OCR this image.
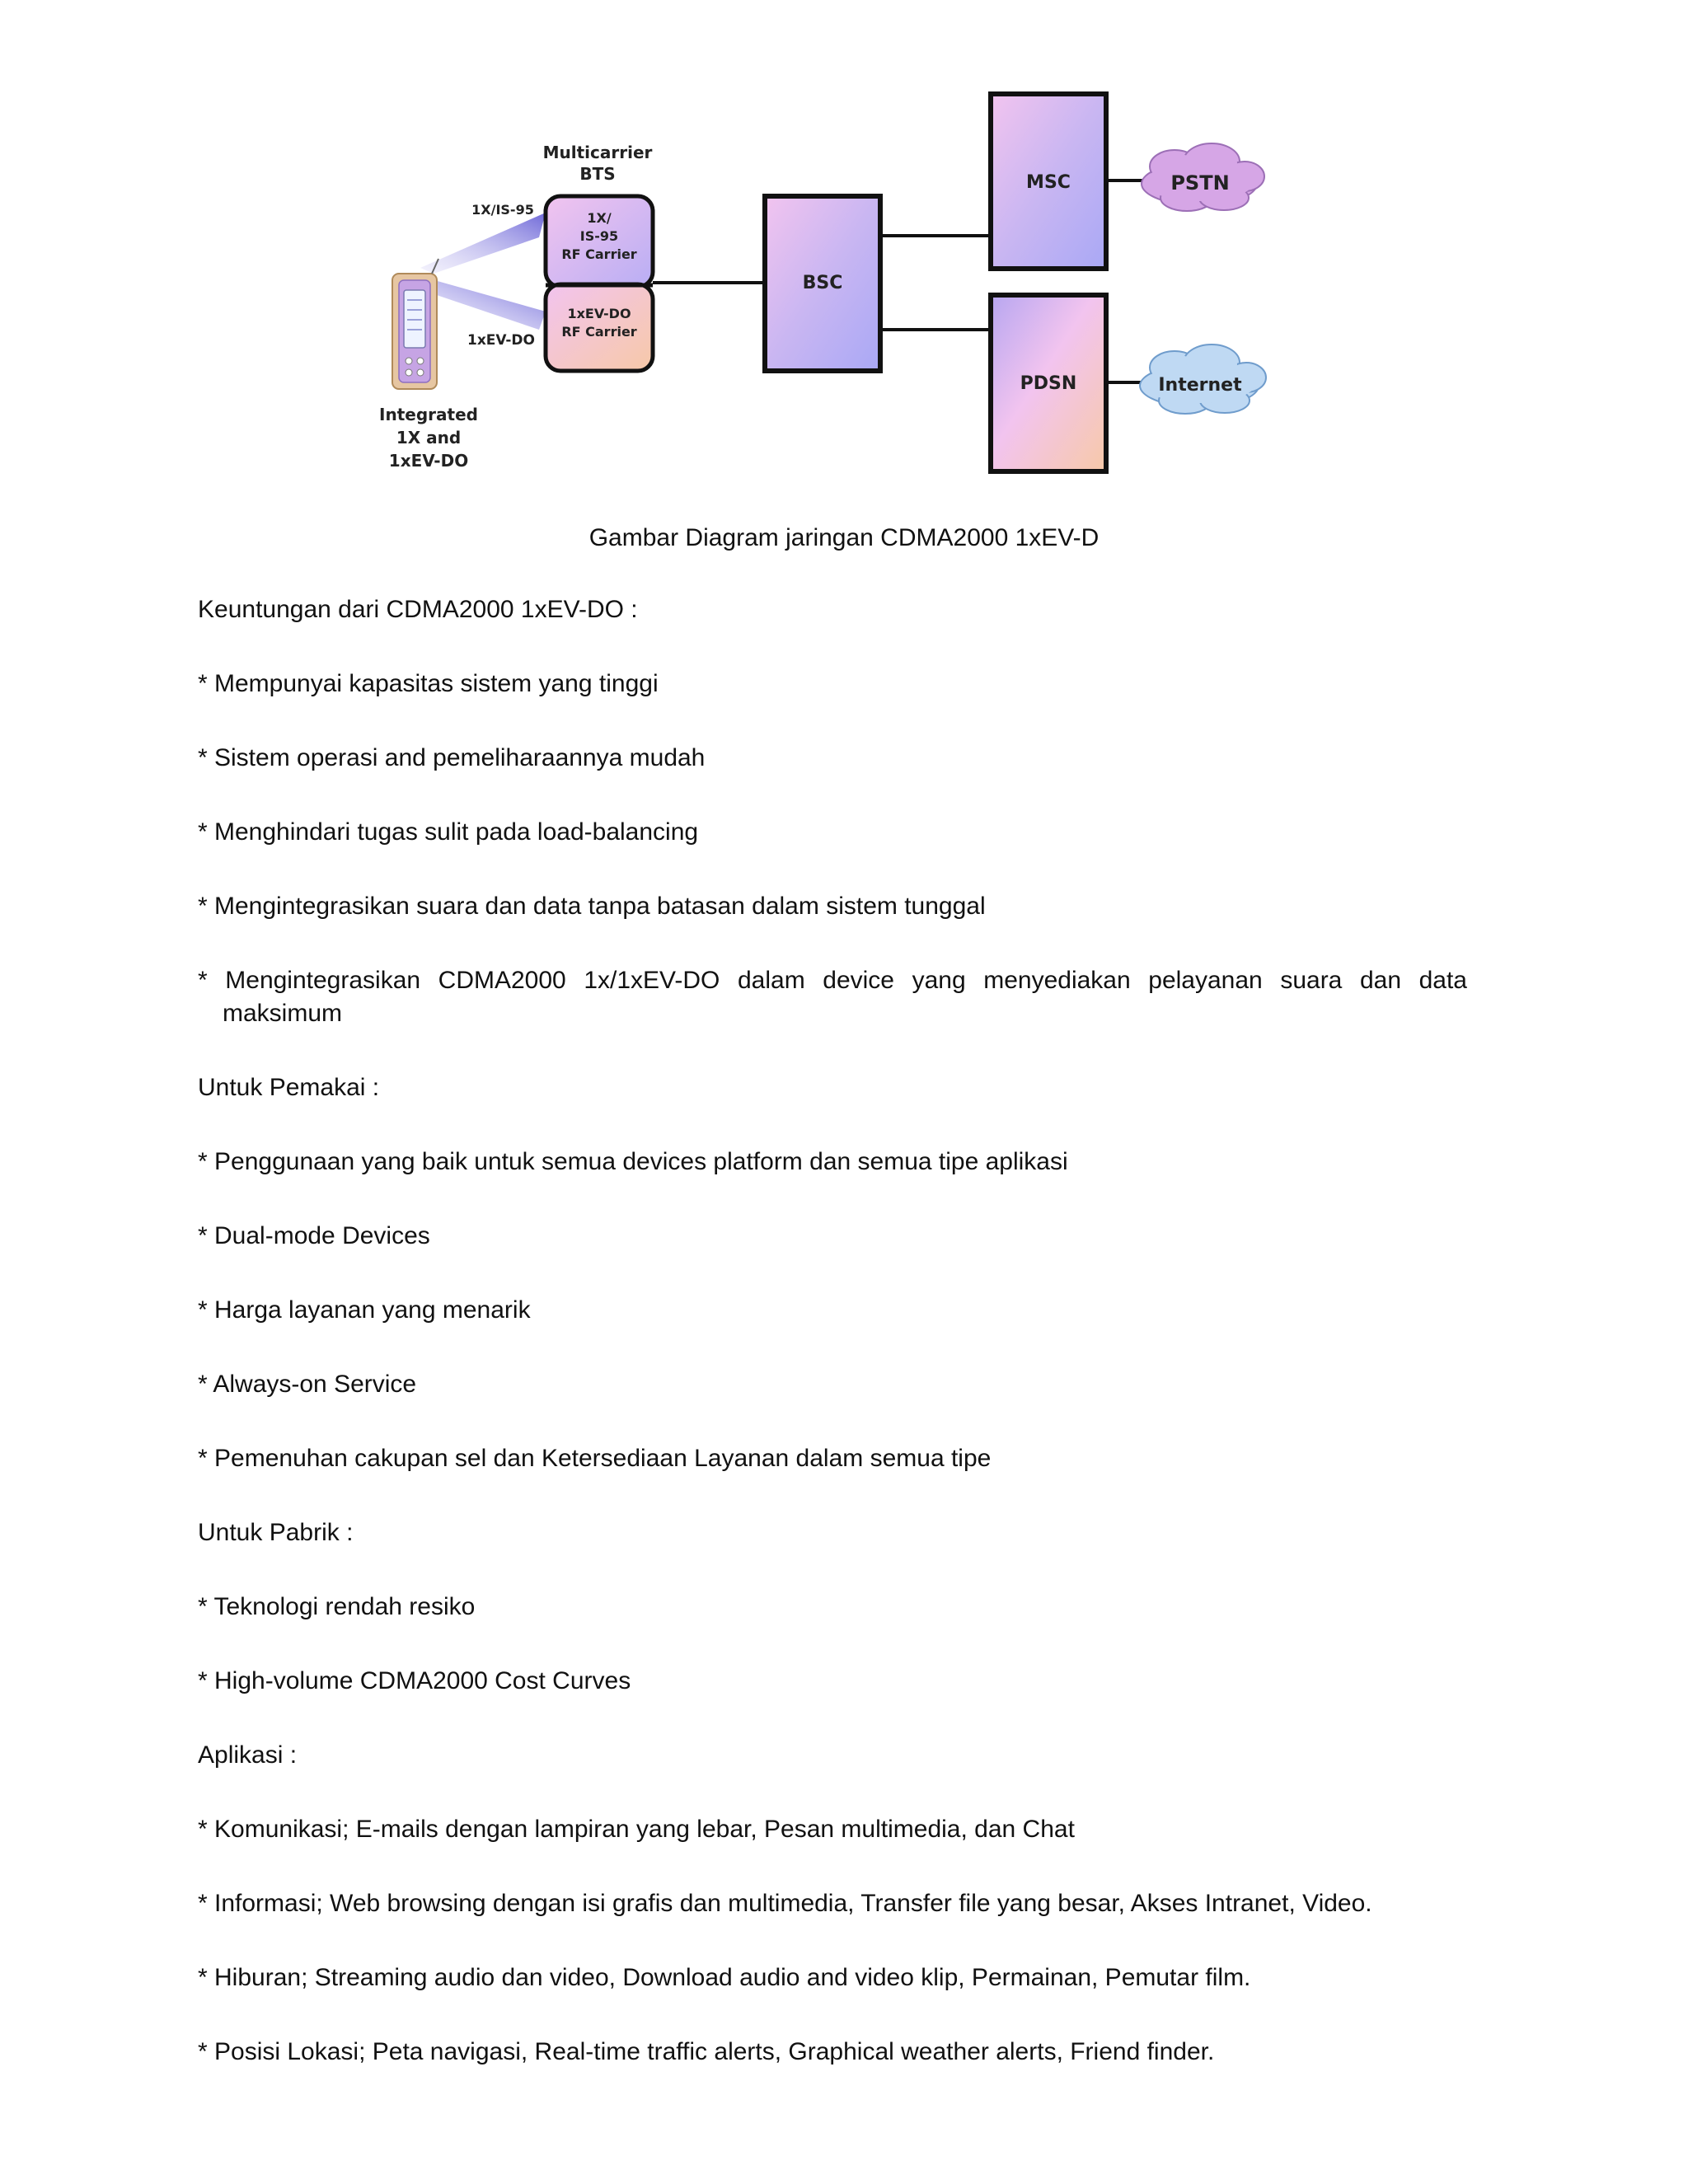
Multicarrier
BTS
1X/
IS-95
RF Carrier
1xEV-DO
RF Carrier
1X/IS-95
1xEV-DO
Integrated
1X and
1xEV-DO
BSC
MSC
PDSN
PSTN
Internet
Gambar Diagram jaringan CDMA2000 1xEV-D

Keuntungan dari CDMA2000 1xEV-DO :

* Mempunyai kapasitas sistem yang tinggi

* Sistem operasi and pemeliharaannya mudah

* Menghindari tugas sulit pada load-balancing

* Mengintegrasikan suara dan data tanpa batasan dalam sistem tunggal

* Mengintegrasikan CDMA2000 1x/1xEV-DO dalam device yang menyediakan pelayanan suara dan data maksimum

Untuk Pemakai :

* Penggunaan yang baik untuk semua devices platform dan semua tipe aplikasi

* Dual-mode Devices

* Harga layanan yang menarik

* Always-on Service

* Pemenuhan cakupan sel dan Ketersediaan Layanan dalam semua tipe

Untuk Pabrik :

* Teknologi rendah resiko

* High-volume CDMA2000 Cost Curves

Aplikasi :

* Komunikasi; E-mails dengan lampiran yang lebar, Pesan multimedia, dan Chat

* Informasi; Web browsing dengan isi grafis dan multimedia, Transfer file yang besar, Akses Intranet, Video.

* Hiburan; Streaming audio dan video, Download audio and video klip, Permainan, Pemutar film.

* Posisi Lokasi; Peta navigasi, Real-time traffic alerts, Graphical weather alerts, Friend finder.
